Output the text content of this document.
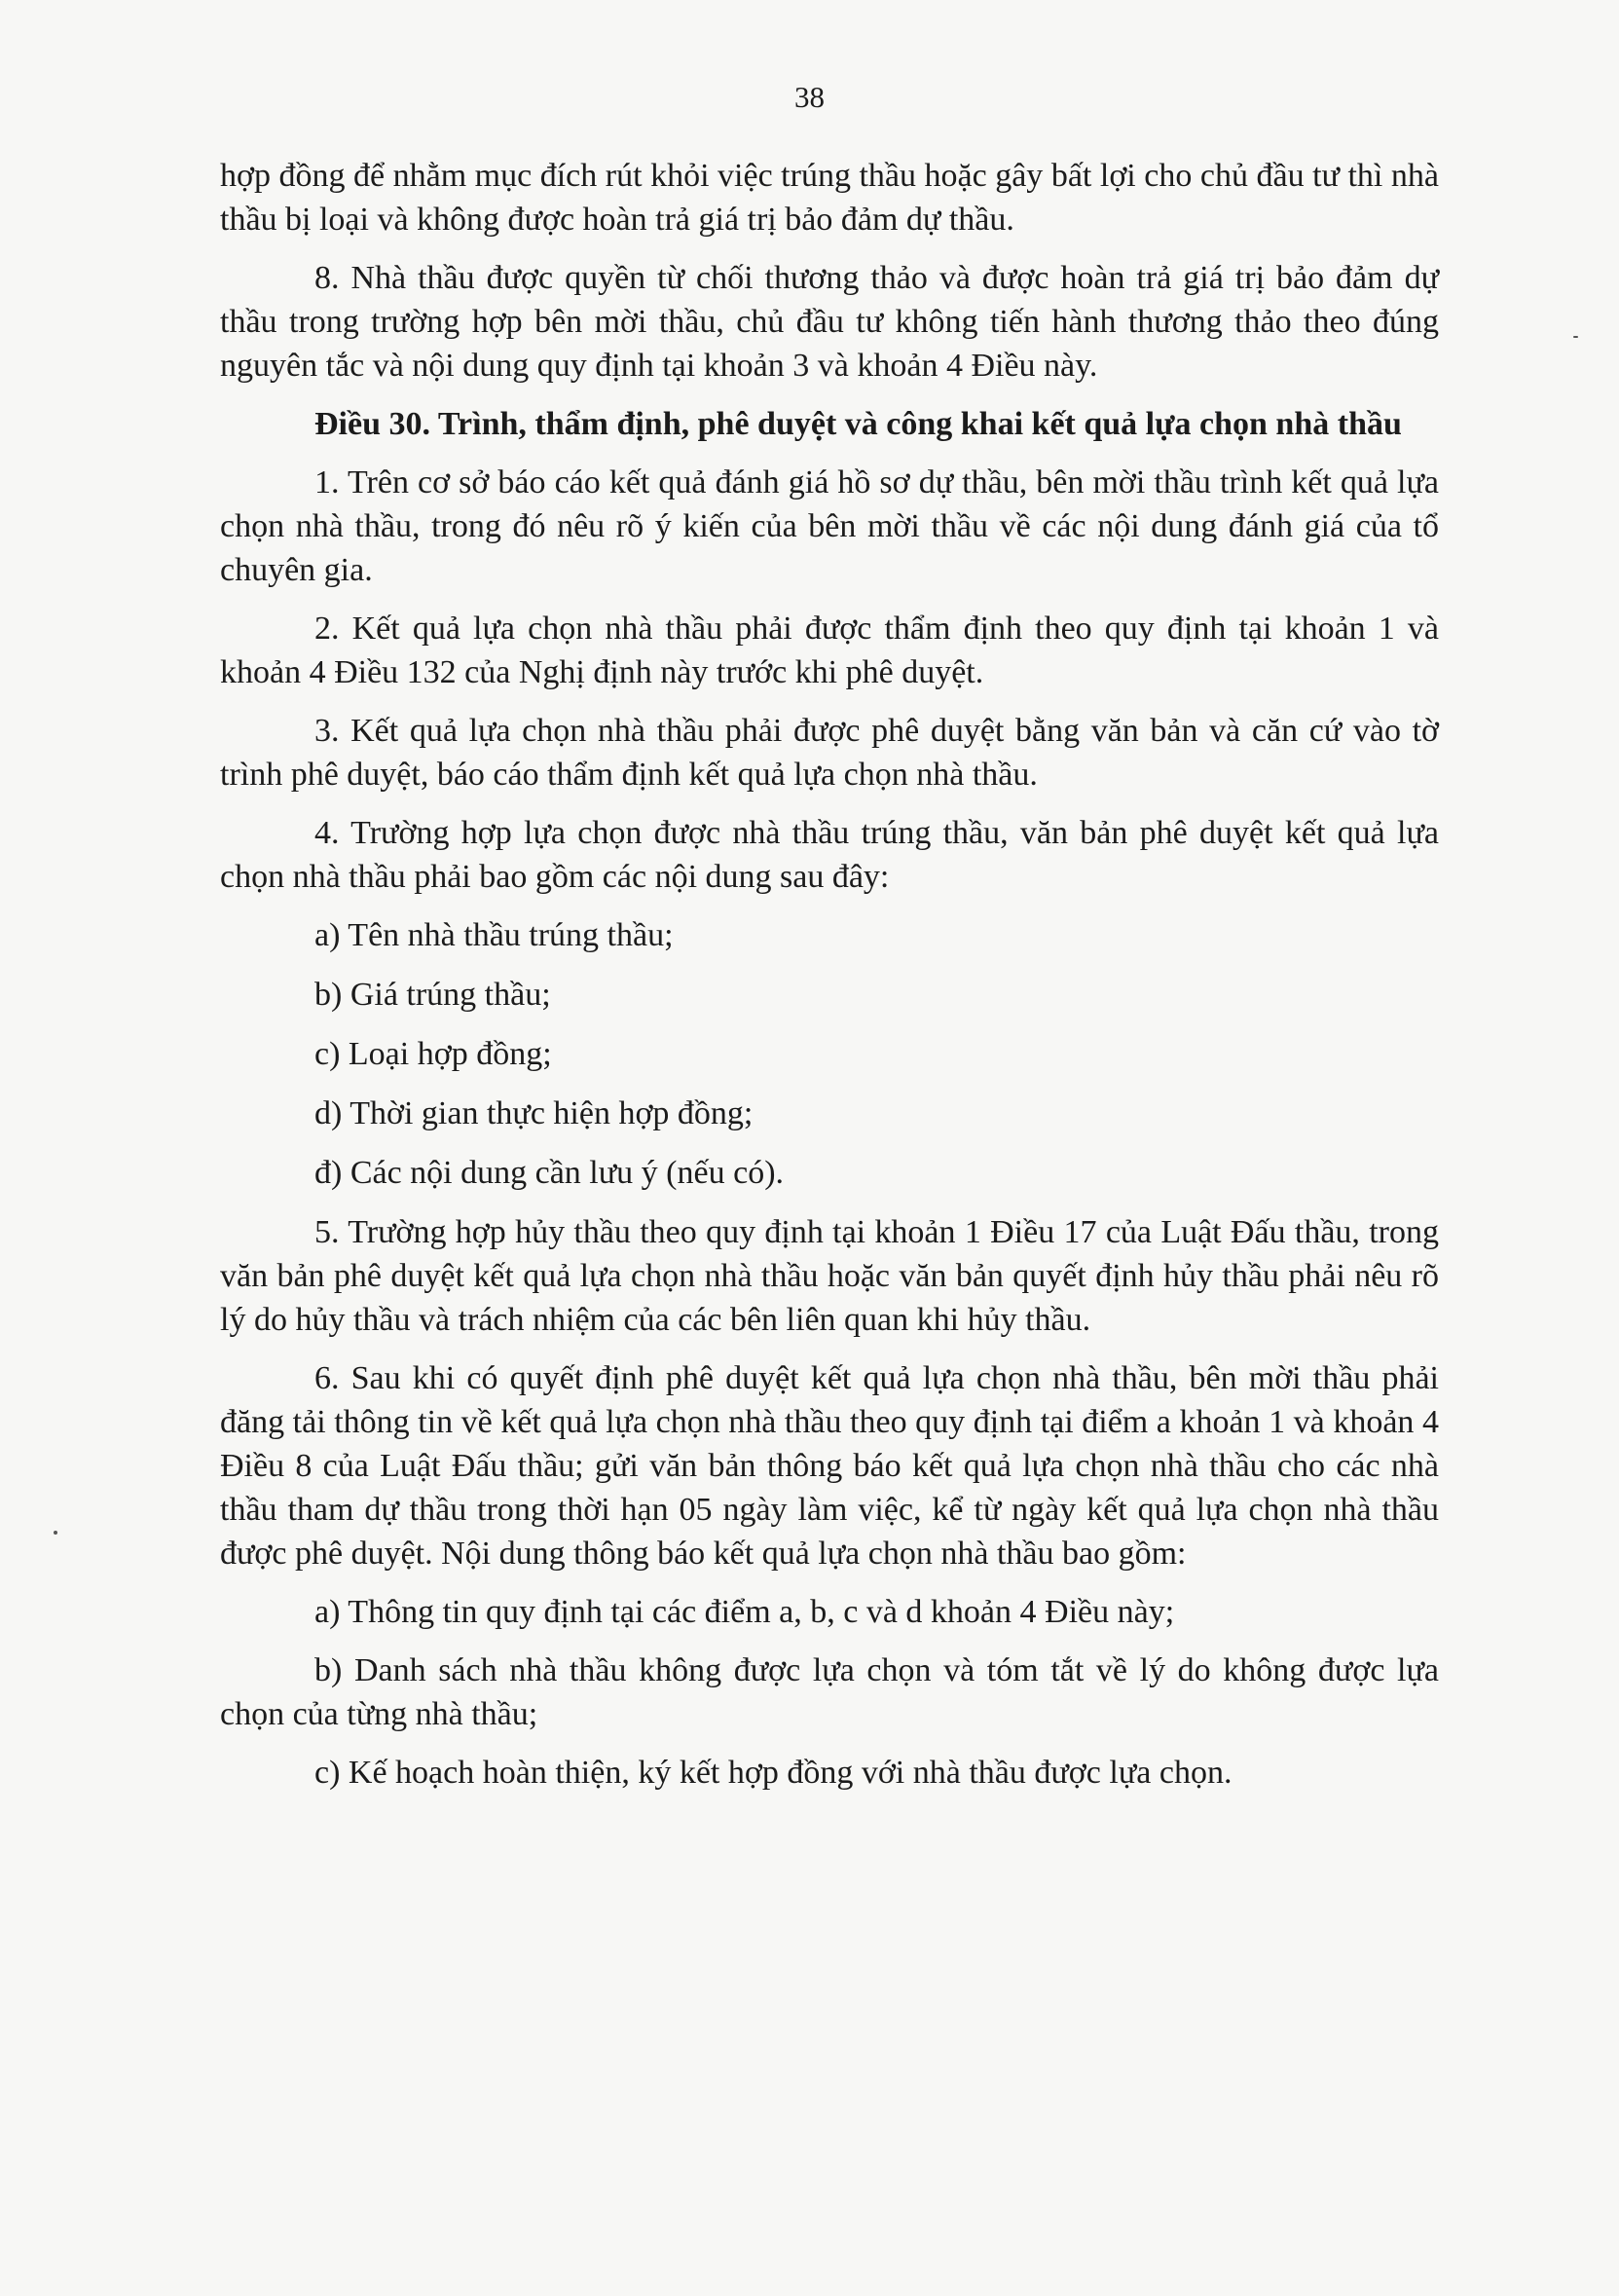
38

hợp đồng để nhằm mục đích rút khỏi việc trúng thầu hoặc gây bất lợi cho chủ đầu tư thì nhà thầu bị loại và không được hoàn trả giá trị bảo đảm dự thầu.

8. Nhà thầu được quyền từ chối thương thảo và được hoàn trả giá trị bảo đảm dự thầu trong trường hợp bên mời thầu, chủ đầu tư không tiến hành thương thảo theo đúng nguyên tắc và nội dung quy định tại khoản 3 và khoản 4 Điều này.

Điều 30. Trình, thẩm định, phê duyệt và công khai kết quả lựa chọn nhà thầu

1. Trên cơ sở báo cáo kết quả đánh giá hồ sơ dự thầu, bên mời thầu trình kết quả lựa chọn nhà thầu, trong đó nêu rõ ý kiến của bên mời thầu về các nội dung đánh giá của tổ chuyên gia.

2. Kết quả lựa chọn nhà thầu phải được thẩm định theo quy định tại khoản 1 và khoản 4 Điều 132 của Nghị định này trước khi phê duyệt.

3. Kết quả lựa chọn nhà thầu phải được phê duyệt bằng văn bản và căn cứ vào tờ trình phê duyệt, báo cáo thẩm định kết quả lựa chọn nhà thầu.

4. Trường hợp lựa chọn được nhà thầu trúng thầu, văn bản phê duyệt kết quả lựa chọn nhà thầu phải bao gồm các nội dung sau đây:

a) Tên nhà thầu trúng thầu;

b) Giá trúng thầu;

c) Loại hợp đồng;

d) Thời gian thực hiện hợp đồng;

đ) Các nội dung cần lưu ý (nếu có).

5. Trường hợp hủy thầu theo quy định tại khoản 1 Điều 17 của Luật Đấu thầu, trong văn bản phê duyệt kết quả lựa chọn nhà thầu hoặc văn bản quyết định hủy thầu phải nêu rõ lý do hủy thầu và trách nhiệm của các bên liên quan khi hủy thầu.

6. Sau khi có quyết định phê duyệt kết quả lựa chọn nhà thầu, bên mời thầu phải đăng tải thông tin về kết quả lựa chọn nhà thầu theo quy định tại điểm a khoản 1 và khoản 4 Điều 8 của Luật Đấu thầu; gửi văn bản thông báo kết quả lựa chọn nhà thầu cho các nhà thầu tham dự thầu trong thời hạn 05 ngày làm việc, kể từ ngày kết quả lựa chọn nhà thầu được phê duyệt. Nội dung thông báo kết quả lựa chọn nhà thầu bao gồm:

a) Thông tin quy định tại các điểm a, b, c và d khoản 4 Điều này;

b) Danh sách nhà thầu không được lựa chọn và tóm tắt về lý do không được lựa chọn của từng nhà thầu;

c) Kế hoạch hoàn thiện, ký kết hợp đồng với nhà thầu được lựa chọn.
